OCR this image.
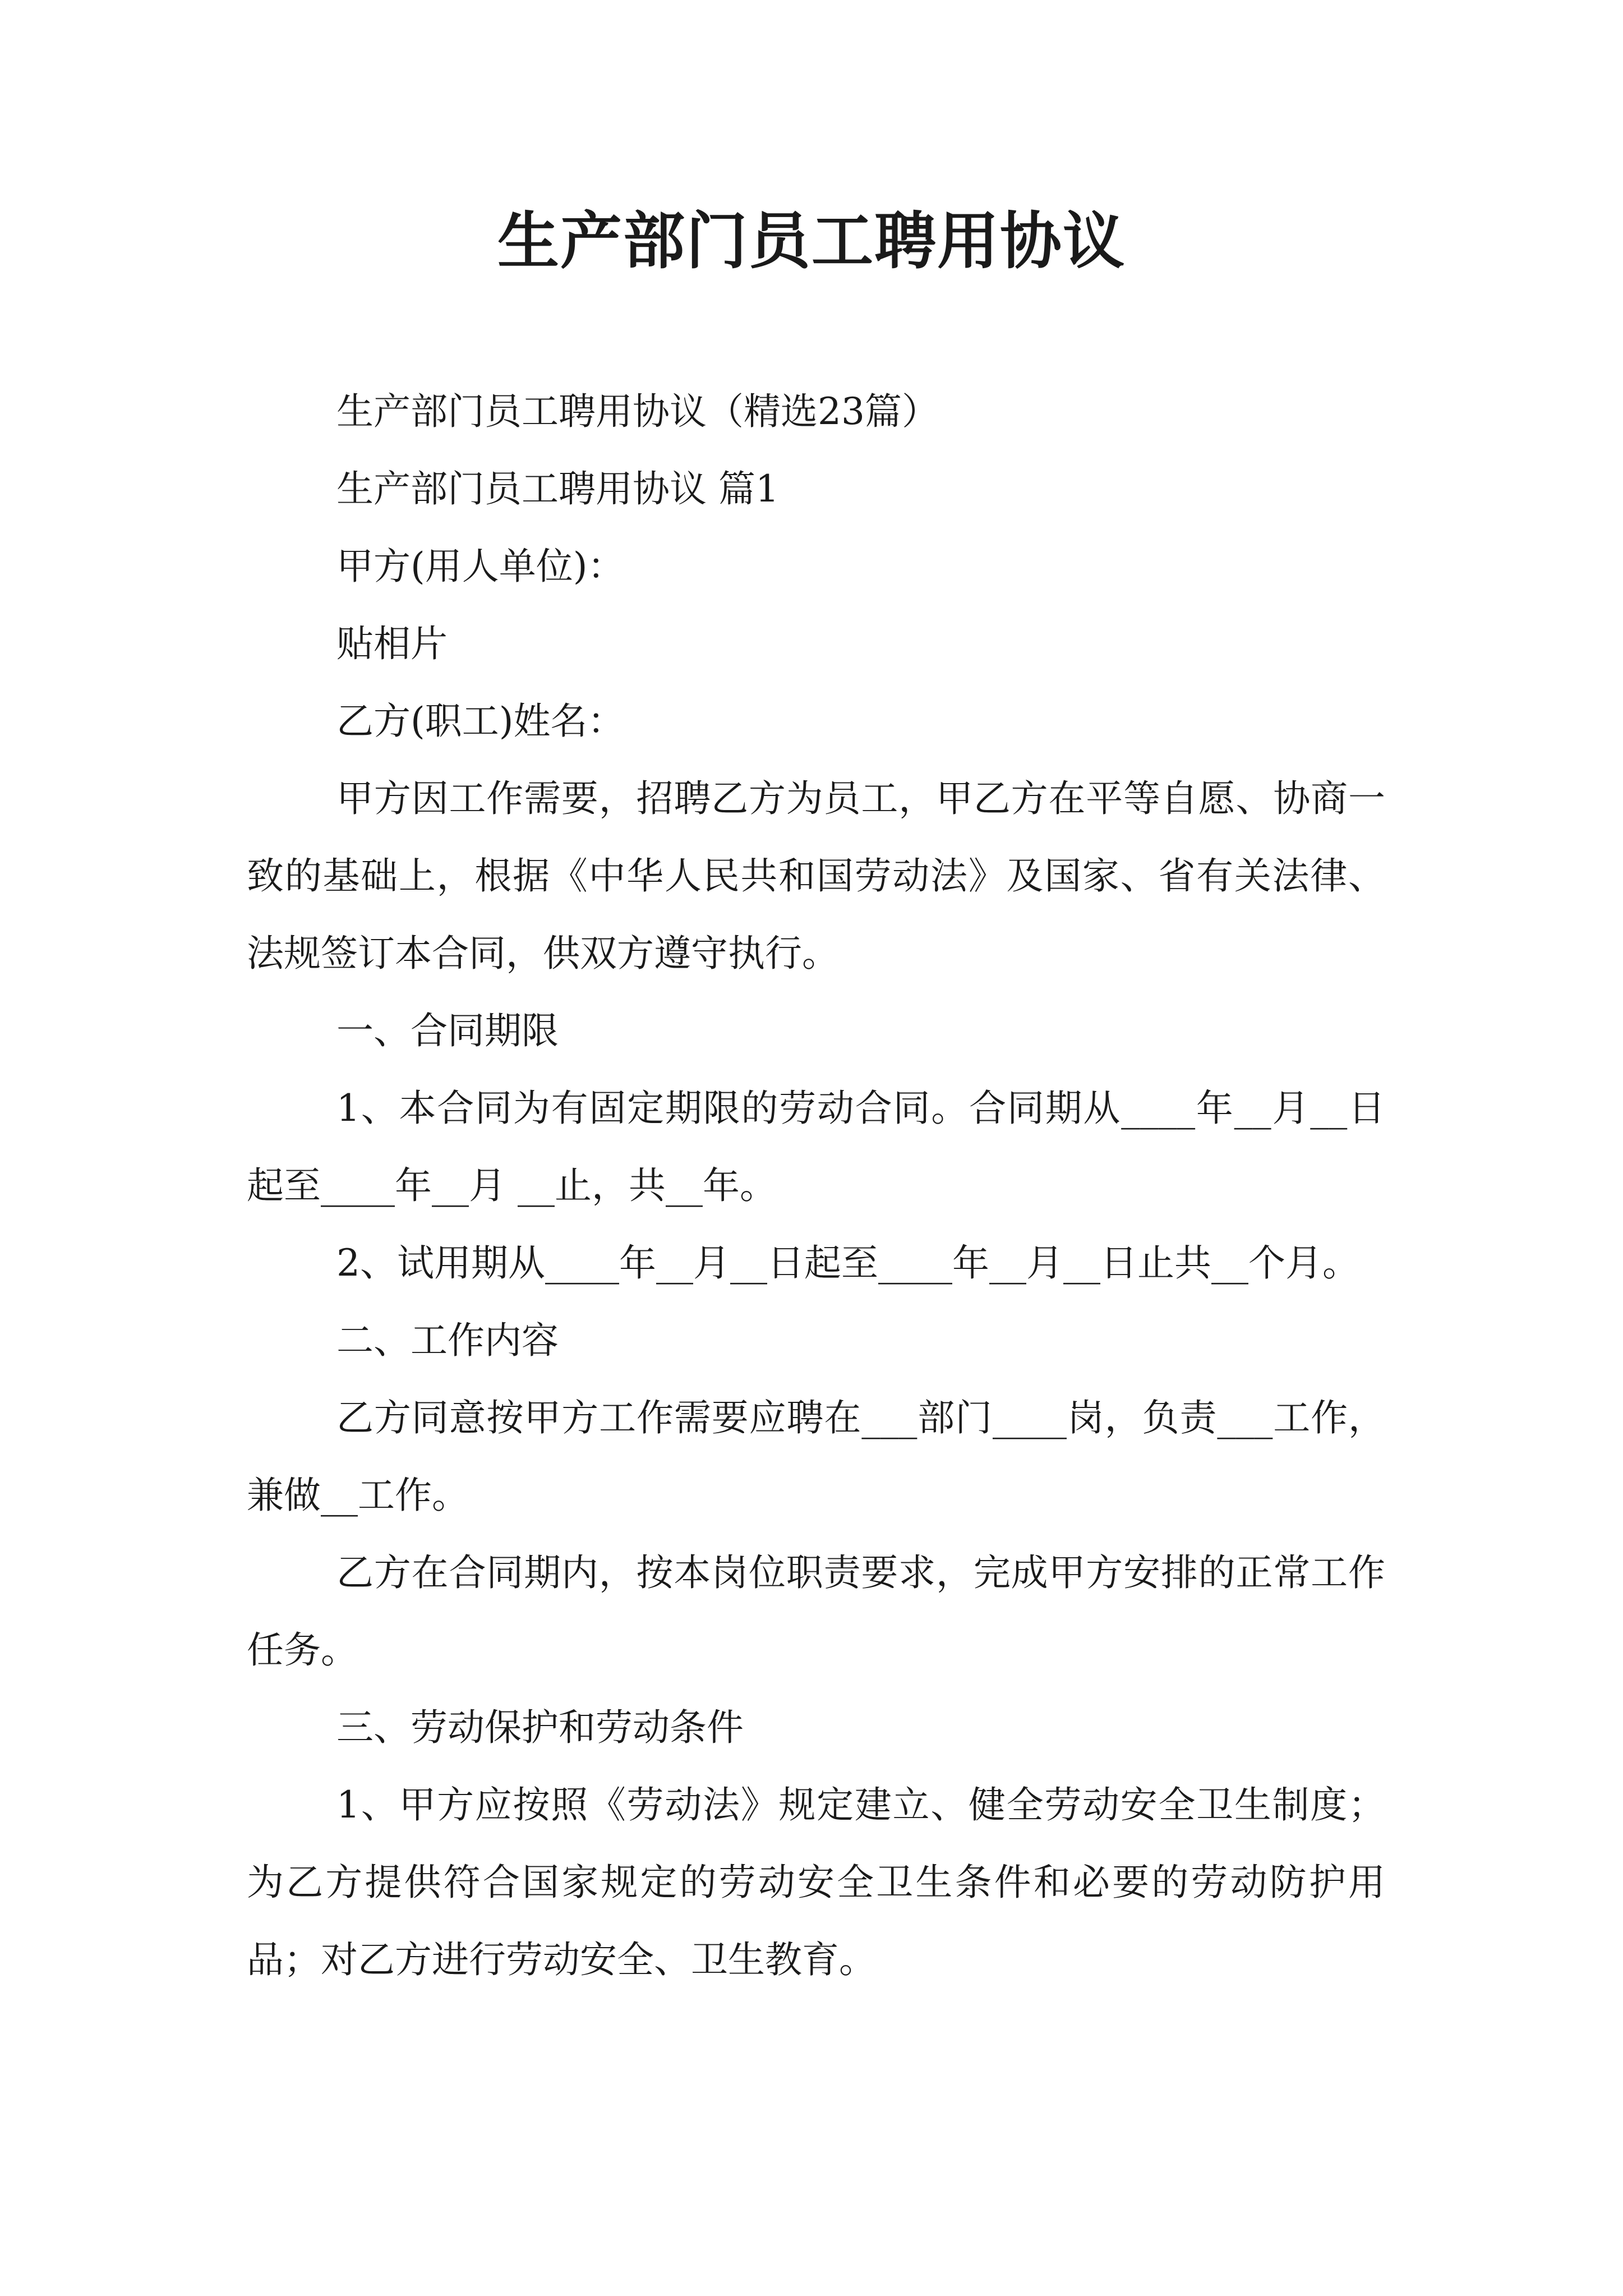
生产部门员工聘用协议

生产部门员工聘用协议（精选23篇）

生产部门员工聘用协议 篇1

甲方(用人单位)：

贴相片

乙方(职工)姓名：

甲方因工作需要，招聘乙方为员工，甲乙方在平等自愿、协商一致的基础上，根据《中华人民共和国劳动法》及国家、省有关法律、法规签订本合同，供双方遵守执行。

一、合同期限

1、本合同为有固定期限的劳动合同。合同期从____年__月__日起至____年__月 __止，共__年。

2、试用期从____年__月__日起至____年__月__日止共__个月。

二、工作内容

乙方同意按甲方工作需要应聘在___部门____岗，负责___工作，兼做__工作。

乙方在合同期内，按本岗位职责要求，完成甲方安排的正常工作任务。

三、劳动保护和劳动条件

1、甲方应按照《劳动法》规定建立、健全劳动安全卫生制度；为乙方提供符合国家规定的劳动安全卫生条件和必要的劳动防护用品；对乙方进行劳动安全、卫生教育。
